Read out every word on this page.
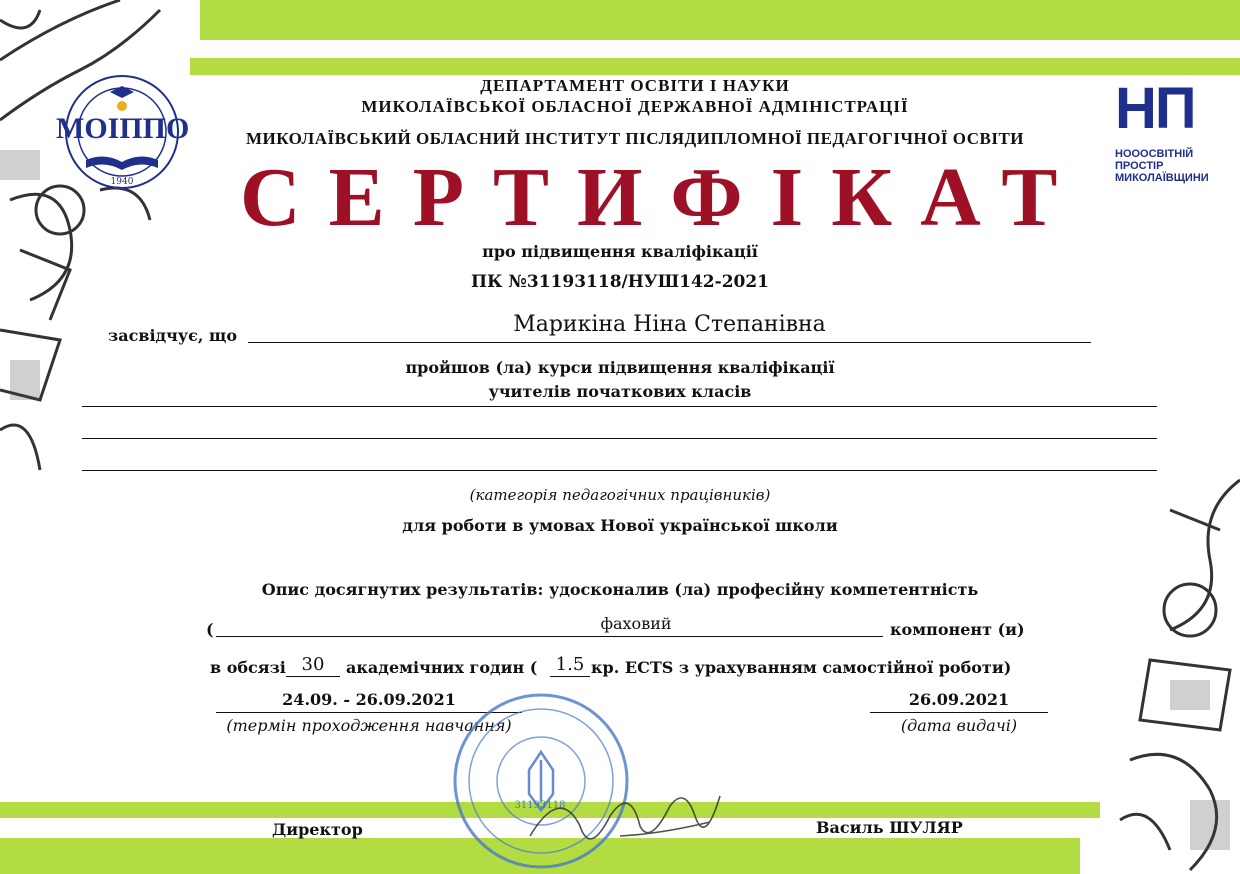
МОІППО
1940
НП
НОООСВІТНІЙ
ПРОСТІР
МИКОЛАЇВЩИНИ
ДЕПАРТАМЕНТ ОСВІТИ І НАУКИ
МИКОЛАЇВСЬКОЇ ОБЛАСНОЇ ДЕРЖАВНОЇ АДМІНІСТРАЦІЇ
МИКОЛАЇВСЬКИЙ ОБЛАСНИЙ ІНСТИТУТ ПІСЛЯДИПЛОМНОЇ ПЕДАГОГІЧНОЇ ОСВІТИ
СЕРТИФІКАТ
про підвищення кваліфікації
ПК №31193118/НУШ142-2021
засвідчує, що	Марикіна Ніна Степанівна
пройшов (ла) курси підвищення кваліфікації
учителів початкових класів
(категорія педагогічних працівників)
для роботи в умовах Нової української школи
Опис досягнутих результатів: удосконалив (ла) професійну компетентність
(	фаховий	компонент (и)
в обсязі 30	академічних годин (	1.5 кр. ECTS з урахуванням самостійної роботи)
24.09. - 26.09.2021
(термін проходження навчання)
26.09.2021
(дата видачі)
31193118
Директор	Василь ШУЛЯР
